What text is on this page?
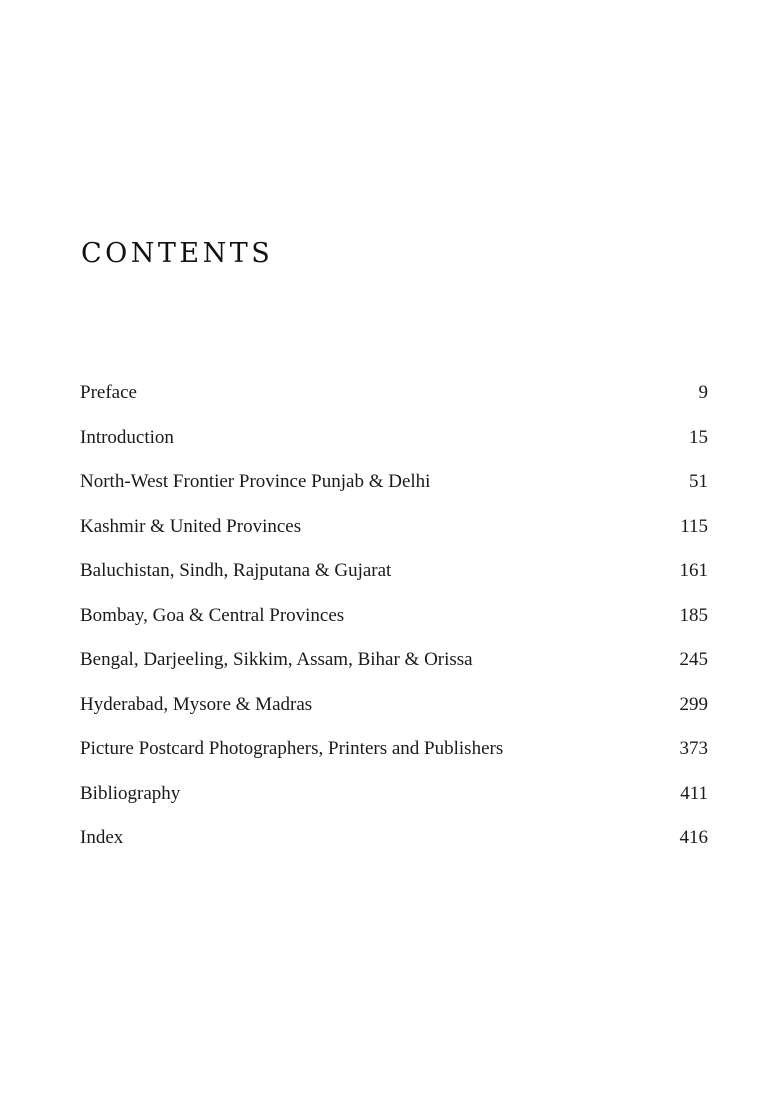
CONTENTS
Preface	9
Introduction	15
North-West Frontier Province Punjab & Delhi	51
Kashmir & United Provinces	115
Baluchistan, Sindh, Rajputana & Gujarat	161
Bombay, Goa & Central Provinces	185
Bengal, Darjeeling, Sikkim, Assam, Bihar & Orissa	245
Hyderabad, Mysore & Madras	299
Picture Postcard Photographers, Printers and Publishers	373
Bibliography	411
Index	416
